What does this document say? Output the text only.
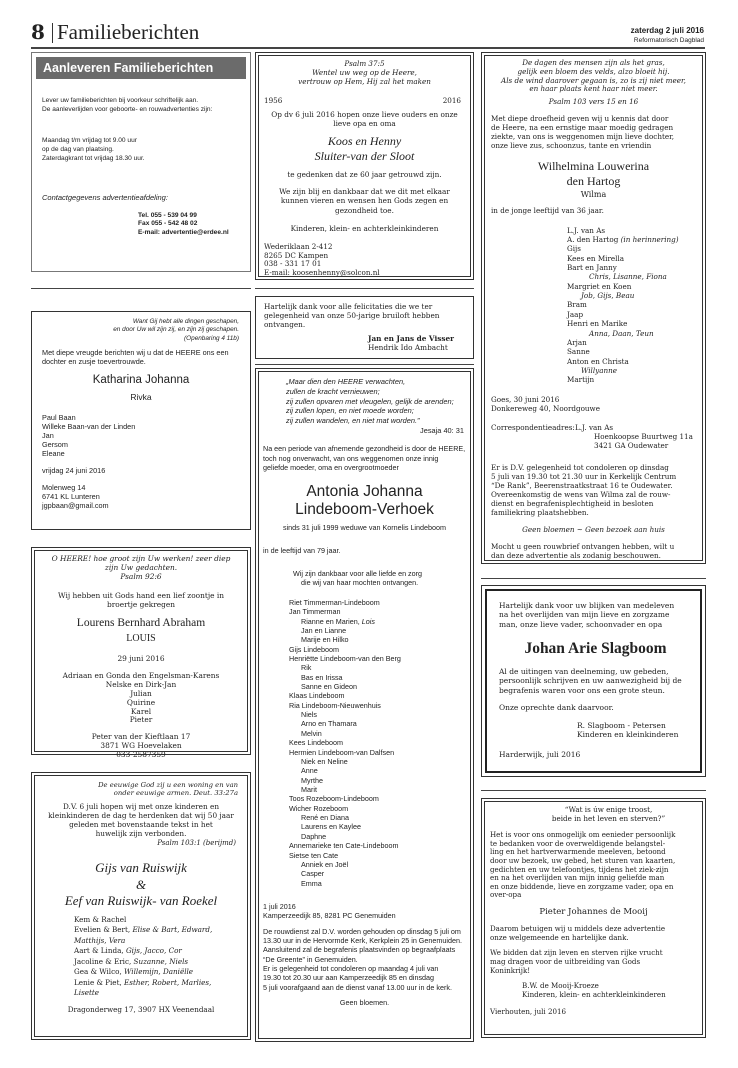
8 Familieberichten	zaterdag 2 juli 2016
Reformatorisch Dagblad
Aanleveren Familieberichten
Lever uw familieberichten bij voorkeur schriftelijk aan.
De aanleverlijden voor geboorte- en rouwadvertenties zijn:
Maandag t/m vrijdag tot 9.00 uur
op de dag van plaatsing.
Zaterdagkrant tot vrijdag 18.30 uur.
Contactgegevens advertentieafdeling:
Tel. 055 - 539 04 99
Fax 055 - 542 48 02
E-mail: advertentie@erdee.nl
Want Gij hebt alle dingen geschapen,
en door Uw wil zijn zij, en zijn zij geschapen.
(Openbaring 4 11b)
Met diepe vreugde berichten wij u dat de HEERE ons een dochter en zusje toevertrouwde.
Katharina Johanna
Rivka
Paul Baan
Willeke Baan-van der Linden
Jan
Gersom
Eleane
vrijdag 24 juni 2016
Molenweg 14
6741 KL Lunteren
jgpbaan@gmail.com
O HEERE! hoe groot zijn Uw werken! zeer diep
zijn Uw gedachten.
Psalm 92:6
Wij hebben uit Gods hand een lief zoontje in
broertje gekregen
Lourens Bernhard Abraham
LOUIS
29 juni 2016
Adriaan en Gonda den Engelsman-Karens
Nelske en Dirk-Jan
Julian
Quirine
Karel
Pieter
Peter van der Kieftlaan 17
3871 WG Hoevelaken
033-2587359
De eeuwige God zij u een woning en van
onder eeuwige armen. Deut. 33:27a
D.V. 6 juli hopen wij met onze kinderen en
kleinkinderen de dag te herdenken dat wij 50 jaar
geleden met bovenstaande tekst in het
huwelijk zijn verbonden.
Psalm 103:1 (berijmd)
Gijs van Ruiswijk
&
Eef van Ruiswijk- van Roekel
Kem & Rachel
Evelien & Bert, Elise & Bart, Edward,
Matthijs, Vera
Aart & Linda, Gijs, Jacco, Cor
Jacoline & Eric, Suzanne, Niels
Gea & Wilco, Willemijn, Daniëlle
Lenie & Piet, Esther, Robert, Marlies,
Lisette
Dragonderweg 17, 3907 HX Veenendaal
Psalm 37:5
Wentel uw weg op de Heere,
vertrouw op Hem, Hij zal het maken
1956	2016
Op dv 6 juli 2016 hopen onze lieve ouders en onze
lieve opa en oma
Koos en Henny
Sluiter-van der Sloot
te gedenken dat ze 60 jaar getrouwd zijn.
We zijn blij en dankbaar dat we dit met elkaar
kunnen vieren en wensen hen Gods zegen en
gezondheid toe.
Kinderen, klein- en achterkleinkinderen
Wederiklaan 2-412
8265 DC Kampen
038 - 331 17 01
E-mail: koosenhenny@solcon.nl
Hartelijk dank voor alle felicitaties die we ter
gelegenheid van onze 50-jarige bruiloft hebben
ontvangen.
Jan en Jans de Visser
Hendrik Ido Ambacht
„Maar dien den HEERE verwachten,
zullen de kracht vernieuwen;
zij zullen opvaren met vleugelen, gelijk de arenden;
zij zullen lopen, en niet moede worden;
zij zullen wandelen, en niet mat worden.”
Jesaja 40: 31
Na een periode van afnemende gezondheid is door de HEERE,
toch nog onverwacht, van ons weggenomen onze innig
geliefde moeder, oma en overgrootmoeder
Antonia Johanna
Lindeboom-Verhoek
sinds 31 juli 1999 weduwe van Kornelis Lindeboom
in de leeftijd van 79 jaar.
Wij zijn dankbaar voor alle liefde en zorg
die wij van haar mochten ontvangen.
Riet Timmerman-Lindeboom
Jan Timmerman
Rianne en Marien, Lois
Jan en Lianne
Marije en Hilko
Gijs Lindeboom
Henriëtte Lindeboom-van den Berg
Rik
Bas en Irissa
Sanne en Gideon
Klaas Lindeboom
Ria Lindeboom-Nieuwenhuis
Niels
Arno en Thamara
Melvin
Kees Lindeboom
Hermien Lindeboom-van Dalfsen
Niek en Neline
Anne
Myrthe
Marit
Toos Rozeboom-Lindeboom
Wicher Rozeboom
René en Diana
Laurens en Kaylee
Daphne
Annemarieke ten Cate-Lindeboom
Sietse ten Cate
Anniek en Joël
Casper
Emma
1 juli 2016
Kamperzeedijk 85, 8281 PC Genemuiden
De rouwdienst zal D.V. worden gehouden op dinsdag 5 juli om
13.30 uur in de Hervormde Kerk, Kerkplein 25 in Genemuiden.
Aansluitend zal de begrafenis plaatsvinden op begraafplaats
“De Greente” in Genemuiden.
Er is gelegenheid tot condoleren op maandag 4 juli van
19.30 tot 20.30 uur aan Kamperzeedijk 85 en dinsdag
5 juli voorafgaand aan de dienst vanaf 13.00 uur in de kerk.
Geen bloemen.
De dagen des mensen zijn als het gras,
gelijk een bloem des velds, alzo bloeit hij.
Als de wind daarover gegaan is, zo is zij niet meer,
en haar plaats kent haar niet meer.
Psalm 103 vers 15 en 16
Met diepe droefheid geven wij u kennis dat door
de Heere, na een ernstige maar moedig gedragen
ziekte, van ons is weggenomen mijn lieve dochter,
onze lieve zus, schoonzus, tante en vriendin
Wilhelmina Louwerina
den Hartog
Wilma
in de jonge leeftijd van 36 jaar.
L.J. van As
A. den Hartog (in herinnering)
Gijs
Kees en Mirella
Bart en Janny
Chris, Lisanne, Fiona
Margriet en Koen
Job, Gijs, Beau
Bram
Jaap
Henri en Marike
Anna, Daan, Teun
Arjan
Sanne
Anton en Christa
Willyanne
Martijn
Goes, 30 juni 2016
Donkereweg 40, Noordgouwe
Correspondentieadres: L.J. van As
Hoenkoopse Buurtweg 11a
3421 GA Oudewater
Er is D.V. gelegenheid tot condoleren op dinsdag
5 juli van 19.30 tot 21.30 uur in Kerkelijk Centrum
“De Rank”, Beerenstraatkstraat 16 te Oudewater.
Overeenkomstig de wens van Wilma zal de rouw-
dienst en begrafenisplechtigheid in besloten
familiekring plaatshebben.
Geen bloemen ~ Geen bezoek aan huis
Mocht u geen rouwbrief ontvangen hebben, wilt u
dan deze advertentie als zodanig beschouwen.
Hartelijk dank voor uw blijken van medeleven
na het overlijden van mijn lieve en zorgzame
man, onze lieve vader, schoonvader en opa
Johan Arie Slagboom
Al de uitingen van deelneming, uw gebeden,
persoonlijk schrijven en uw aanwezigheid bij de
begrafenis waren voor ons een grote steun.
Onze oprechte dank daarvoor.
R. Slagboom - Petersen
Kinderen en kleinkinderen
Harderwijk, juli 2016
“Wat is úw enige troost,
beide in het leven en sterven?”
Het is voor ons onmogelijk om eenieder persoonlijk
te bedanken voor de overweldigende belangstel-
ling en het hartverwarmende meeleven, betoond
door uw bezoek, uw gebed, het sturen van kaarten,
gedichten en uw telefoontjes, tijdens het ziek-zijn
en na het overlijden van mijn innig geliefde man
en onze biddende, lieve en zorgzame vader, opa en
over-opa
Pieter Johannes de Mooij
Daarom betuigen wij u middels deze advertentie
onze welgemeende en hartelijke dank.
We bidden dat zijn leven en sterven rijke vrucht
mag dragen voor de uitbreiding van Gods
Koninkrijk!
B.W. de Mooij-Kroeze
Kinderen, klein- en achterkleinkinderen
Vierhouten, juli 2016
